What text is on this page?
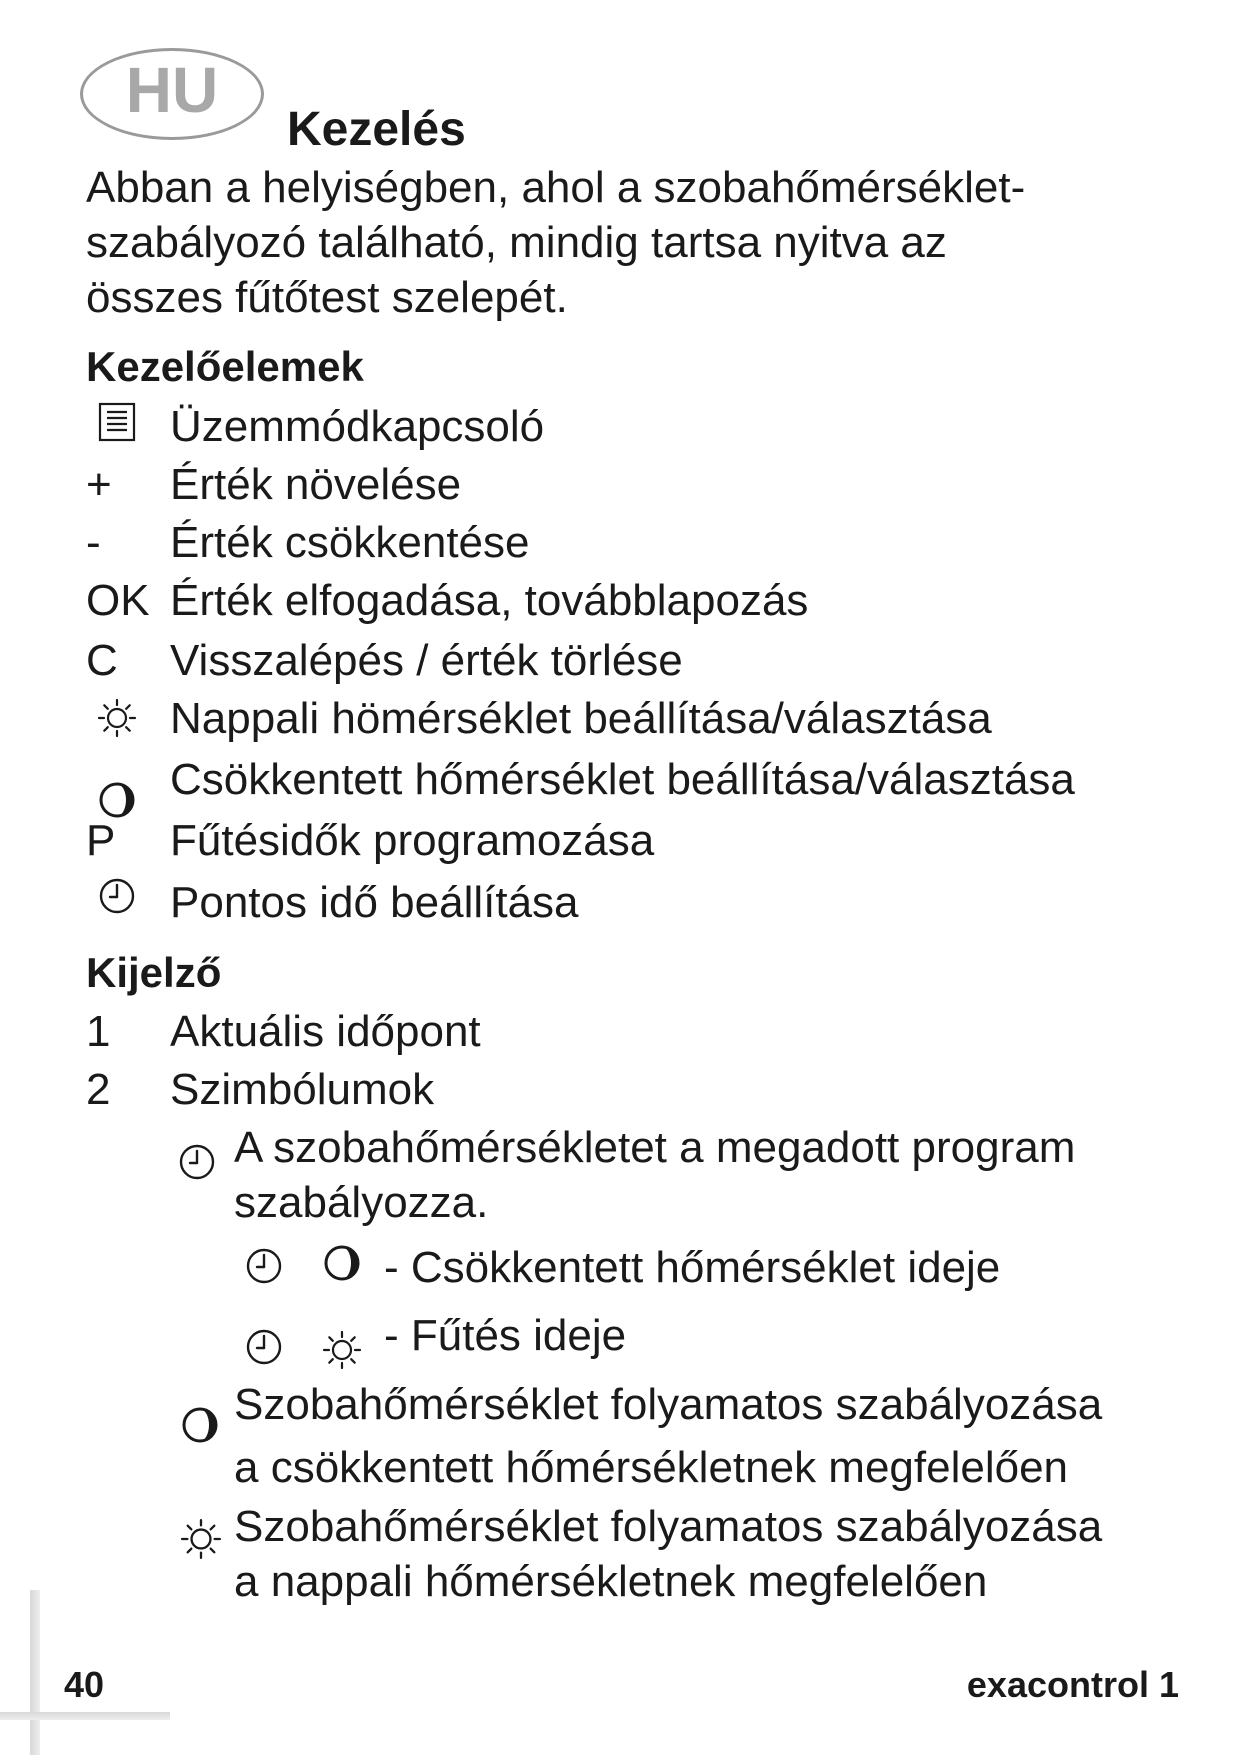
HU
Kezelés
Abban a helyiségben, ahol a szobahőmérséklet-
szabályozó található, mindig tartsa nyitva az
összes fűtőtest szelepét.
Kezelőelemek
Üzemmódkapcsoló
+ Érték növelése
- Érték csökkentése
OK Érték elfogadása, továbblapozás
C Visszalépés / érték törlése
Nappali hömérséklet beállítása/választása
Csökkentett hőmérséklet beállítása/választása
P Fűtésidők programozása
Pontos idő beállítása
Kijelző
1 Aktuális időpont
2 Szimbólumok
A szobahőmérsékletet a megadott program
szabályozza.
- Csökkentett hőmérséklet ideje
- Fűtés ideje
Szobahőmérséklet folyamatos szabályozása
a csökkentett hőmérsékletnek megfelelően
Szobahőmérséklet folyamatos szabályozása
a nappali hőmérsékletnek megfelelően
40	exacontrol 1
